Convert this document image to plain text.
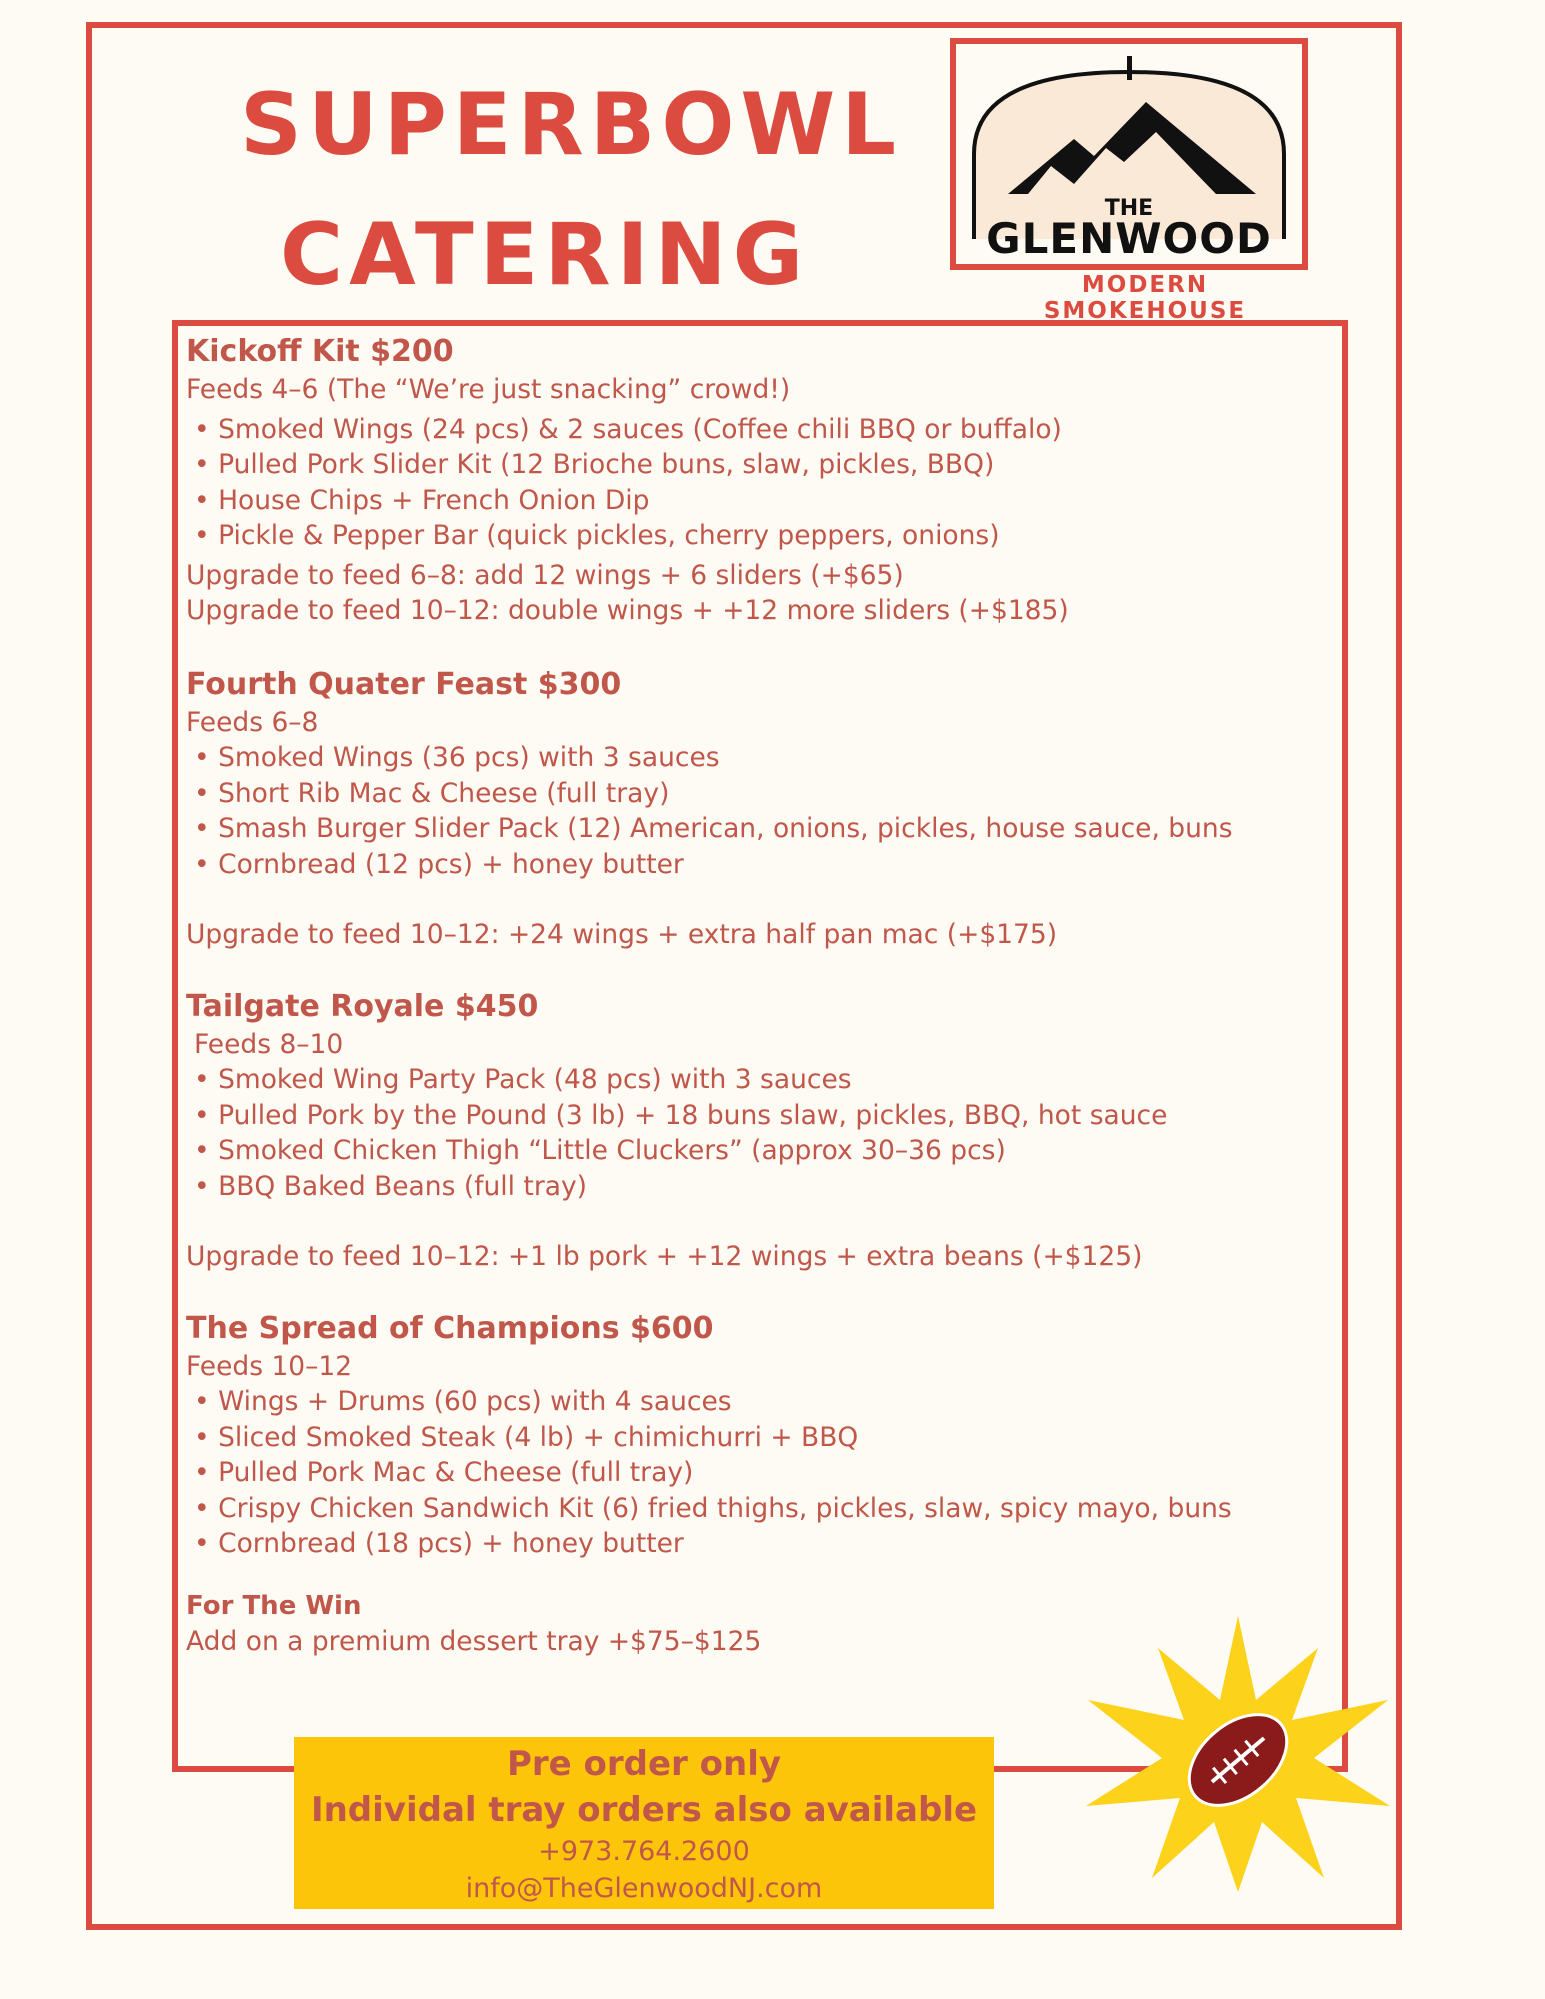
SUPERBOWL
CATERING	THE
GLENWOOD
MODERN SMOKEHOUSE
Kickoff Kit $200

Feeds 4–6 (The “We’re just snacking” crowd!)

• Smoked Wings (24 pcs) & 2 sauces (Coffee chili BBQ or buffalo)
• Pulled Pork Slider Kit (12 Brioche buns, slaw, pickles, BBQ)
• House Chips + French Onion Dip
• Pickle & Pepper Bar (quick pickles, cherry peppers, onions)

Upgrade to feed 6–8: add 12 wings + 6 sliders (+$65)

Upgrade to feed 10–12: double wings + +12 more sliders (+$185)

Fourth Quater Feast $300

Feeds 6–8

• Smoked Wings (36 pcs) with 3 sauces
• Short Rib Mac & Cheese (full tray)
• Smash Burger Slider Pack (12) American, onions, pickles, house sauce, buns
• Cornbread (12 pcs) + honey butter

Upgrade to feed 10–12: +24 wings + extra half pan mac (+$175)

Tailgate Royale $450

Feeds 8–10

• Smoked Wing Party Pack (48 pcs) with 3 sauces
• Pulled Pork by the Pound (3 lb) + 18 buns slaw, pickles, BBQ, hot sauce
• Smoked Chicken Thigh “Little Cluckers” (approx 30–36 pcs)
• BBQ Baked Beans (full tray)

Upgrade to feed 10–12: +1 lb pork + +12 wings + extra beans (+$125)

The Spread of Champions $600

Feeds 10–12

• Wings + Drums (60 pcs) with 4 sauces
• Sliced Smoked Steak (4 lb) + chimichurri + BBQ
• Pulled Pork Mac & Cheese (full tray)
• Crispy Chicken Sandwich Kit (6) fried thighs, pickles, slaw, spicy mayo, buns
• Cornbread (18 pcs) + honey butter
For The Win

Add on a premium dessert tray +$75–$125

Pre order only

Individal tray orders also available

+973.764.2600

info@TheGlenwoodNJ.com
